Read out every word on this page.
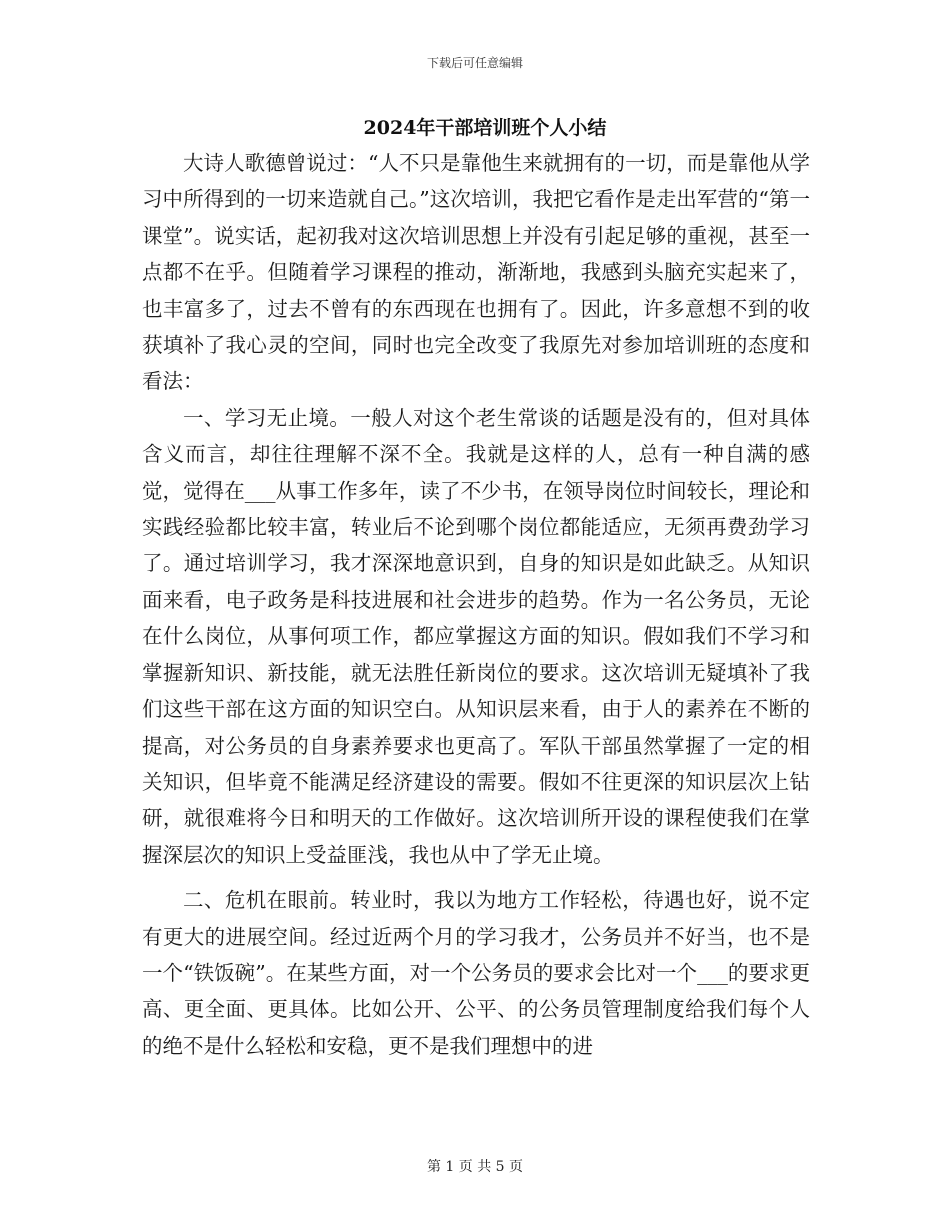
下载后可任意编辑
2024年干部培训班个人小结

大诗人歌德曾说过：“人不只是靠他生来就拥有的一切，而是靠他从学习中所得到的一切来造就自己。”这次培训，我把它看作是走出军营的“第一课堂”。说实话，起初我对这次培训思想上并没有引起足够的重视，甚至一点都不在乎。但随着学习课程的推动，渐渐地，我感到头脑充实起来了，也丰富多了，过去不曾有的东西现在也拥有了。因此，许多意想不到的收获填补了我心灵的空间，同时也完全改变了我原先对参加培训班的态度和看法：

一、学习无止境。一般人对这个老生常谈的话题是没有的，但对具体含义而言，却往往理解不深不全。我就是这样的人，总有一种自满的感觉，觉得在___从事工作多年，读了不少书，在领导岗位时间较长，理论和实践经验都比较丰富，转业后不论到哪个岗位都能适应，无须再费劲学习了。通过培训学习，我才深深地意识到，自身的知识是如此缺乏。从知识面来看，电子政务是科技进展和社会进步的趋势。作为一名公务员，无论在什么岗位，从事何项工作，都应掌握这方面的知识。假如我们不学习和掌握新知识、新技能，就无法胜任新岗位的要求。这次培训无疑填补了我们这些干部在这方面的知识空白。从知识层来看，由于人的素养在不断的提高，对公务员的自身素养要求也更高了。军队干部虽然掌握了一定的相关知识，但毕竟不能满足经济建设的需要。假如不往更深的知识层次上钻研，就很难将今日和明天的工作做好。这次培训所开设的课程使我们在掌握深层次的知识上受益匪浅，我也从中了学无止境。

二、危机在眼前。转业时，我以为地方工作轻松，待遇也好，说不定有更大的进展空间。经过近两个月的学习我才，公务员并不好当，也不是一个“铁饭碗”。在某些方面，对一个公务员的要求会比对一个___的要求更高、更全面、更具体。比如公开、公平、的公务员管理制度给我们每个人的绝不是什么轻松和安稳，更不是我们理想中的进

第 1 页 共 5 页
